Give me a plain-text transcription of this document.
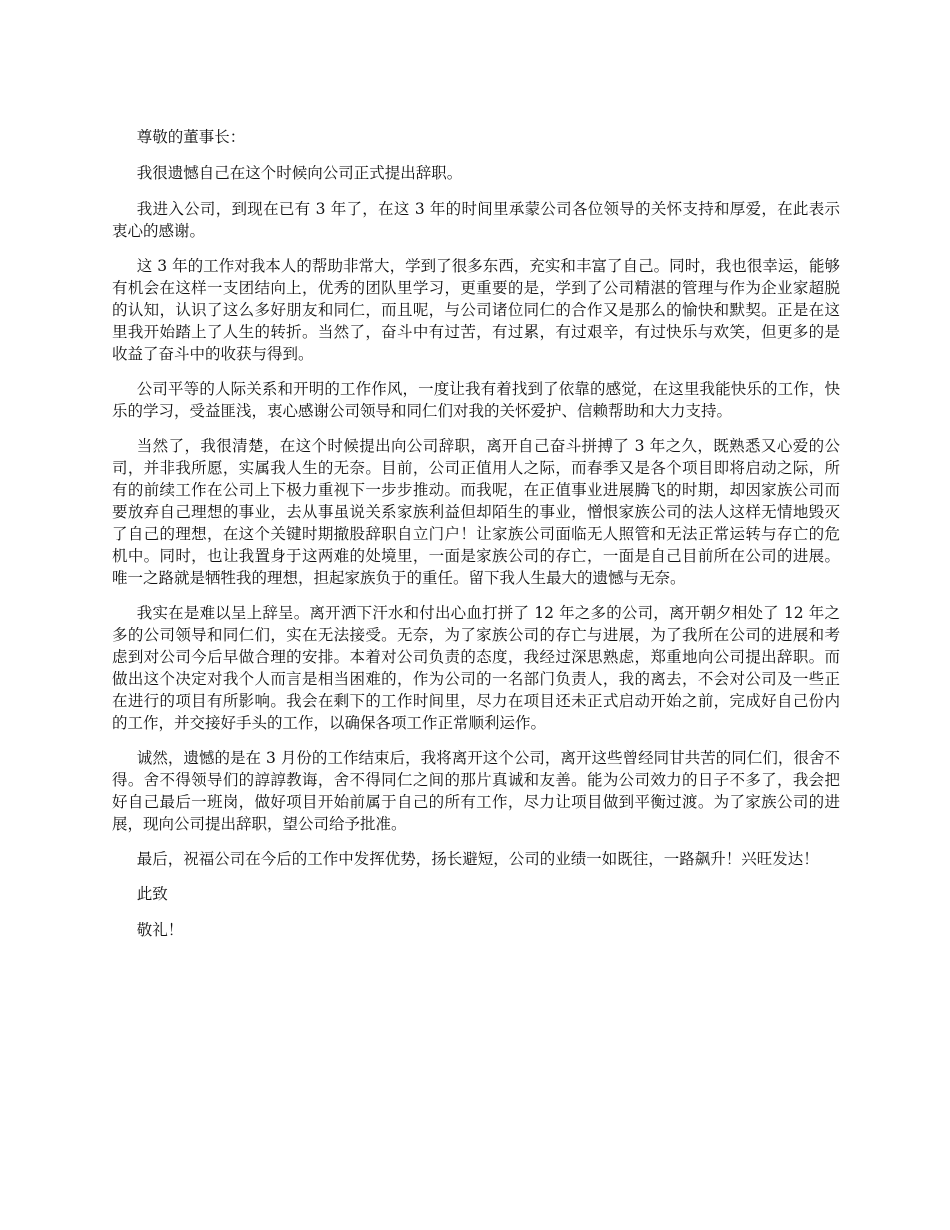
尊敬的董事长：

我很遗憾自己在这个时候向公司正式提出辞职。

我进入公司，到现在已有 3 年了，在这 3 年的时间里承蒙公司各位领导的关怀支持和厚爱，在此表示衷心的感谢。

这 3 年的工作对我本人的帮助非常大，学到了很多东西，充实和丰富了自己。同时，我也很幸运，能够有机会在这样一支团结向上，优秀的团队里学习，更重要的是，学到了公司精湛的管理与作为企业家超脱的认知，认识了这么多好朋友和同仁，而且呢，与公司诸位同仁的合作又是那么的愉快和默契。正是在这里我开始踏上了人生的转折。当然了，奋斗中有过苦，有过累，有过艰辛，有过快乐与欢笑，但更多的是收益了奋斗中的收获与得到。

公司平等的人际关系和开明的工作作风，一度让我有着找到了依靠的感觉，在这里我能快乐的工作，快乐的学习，受益匪浅，衷心感谢公司领导和同仁们对我的关怀爱护、信赖帮助和大力支持。

当然了，我很清楚，在这个时候提出向公司辞职，离开自己奋斗拼搏了 3 年之久，既熟悉又心爱的公司，并非我所愿，实属我人生的无奈。目前，公司正值用人之际，而春季又是各个项目即将启动之际，所有的前续工作在公司上下极力重视下一步步推动。而我呢，在正值事业进展腾飞的时期，却因家族公司而要放弃自己理想的事业，去从事虽说关系家族利益但却陌生的事业，憎恨家族公司的法人这样无情地毁灭了自己的理想，在这个关键时期撤股辞职自立门户！让家族公司面临无人照管和无法正常运转与存亡的危机中。同时，也让我置身于这两难的处境里，一面是家族公司的存亡，一面是自己目前所在公司的进展。唯一之路就是牺牲我的理想，担起家族负于的重任。留下我人生最大的遗憾与无奈。

我实在是难以呈上辞呈。离开洒下汗水和付出心血打拼了 12 年之多的公司，离开朝夕相处了 12 年之多的公司领导和同仁们，实在无法接受。无奈，为了家族公司的存亡与进展，为了我所在公司的进展和考虑到对公司今后早做合理的安排。本着对公司负责的态度，我经过深思熟虑，郑重地向公司提出辞职。而做出这个决定对我个人而言是相当困难的，作为公司的一名部门负责人，我的离去，不会对公司及一些正在进行的项目有所影响。我会在剩下的工作时间里，尽力在项目还未正式启动开始之前，完成好自己份内的工作，并交接好手头的工作，以确保各项工作正常顺利运作。

诚然，遗憾的是在 3 月份的工作结束后，我将离开这个公司，离开这些曾经同甘共苦的同仁们，很舍不得。舍不得领导们的諄諄教诲，舍不得同仁之间的那片真诚和友善。能为公司效力的日子不多了，我会把好自己最后一班岗，做好项目开始前属于自己的所有工作，尽力让项目做到平衡过渡。为了家族公司的进展，现向公司提出辞职，望公司给予批准。

最后，祝福公司在今后的工作中发挥优势，扬长避短，公司的业绩一如既往，一路飙升！兴旺发达！

此致

敬礼！
